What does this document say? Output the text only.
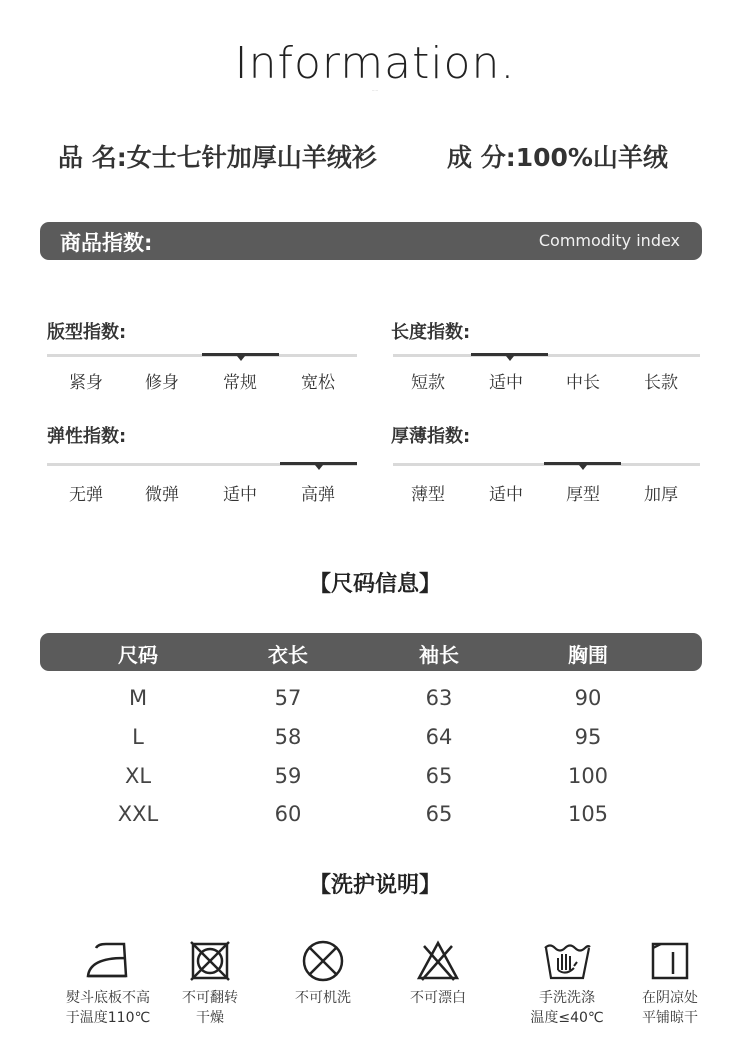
Information.
·····
品 名:女士七针加厚山羊绒衫	成 分:100%山羊绒
商品指数:	Commodity index
版型指数:
紧身	修身	常规	宽松
长度指数:
短款	适中	中长	长款
弹性指数:
无弹	微弹	适中	高弹
厚薄指数:
薄型	适中	厚型	加厚
【尺码信息】
尺码	衣长	袖长	胸围
M	57	63	90
L	58	64	95
XL	59	65	100
XXL	60	65	105
【洗护说明】
熨斗底板不高
于温度110℃
不可翻转
干燥
不可机洗	不可漂白	手洗洗涤
温度≤40℃
在阴凉处
平铺晾干
